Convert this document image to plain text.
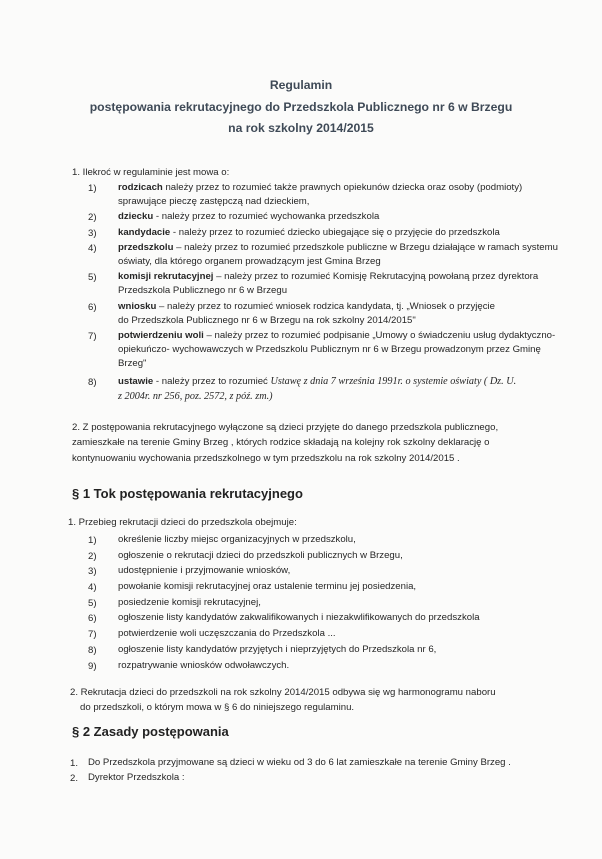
Regulamin
postępowania rekrutacyjnego do Przedszkola Publicznego nr 6 w Brzegu
na rok szkolny 2014/2015
1. Ilekroć w regulaminie jest mowa o:
1) rodzicach należy przez to rozumieć także prawnych opiekunów dziecka oraz osoby (podmioty)
sprawujące pieczę zastępczą nad dzieckiem,
2) dziecku - należy przez to rozumieć wychowanka przedszkola
3) kandydacie - należy przez to rozumieć dziecko ubiegające się o przyjęcie do przedszkola
4) przedszkolu – należy przez to rozumieć przedszkole publiczne w Brzegu działające w ramach systemu
oświaty, dla którego organem prowadzącym jest Gmina Brzeg
5) komisji rekrutacyjnej – należy przez to rozumieć Komisję Rekrutacyjną powołaną przez dyrektora
Przedszkola Publicznego nr 6 w Brzegu
6) wniosku – należy przez to rozumieć wniosek rodzica kandydata, tj. „Wniosek o przyjęcie
do Przedszkola Publicznego nr 6 w Brzegu na rok szkolny 2014/2015"
7) potwierdzeniu woli – należy przez to rozumieć podpisanie „Umowy o świadczeniu usług dydaktyczno-
opiekuńczo- wychowawczych w Przedszkolu Publicznym nr 6 w Brzegu prowadzonym przez Gminę
Brzeg"
8) ustawie - należy przez to rozumieć Ustawę z dnia 7 września 1991r. o systemie oświaty ( Dz. U.
z 2004r. nr 256, poz. 2572, z póź. zm.)
2. Z postępowania rekrutacyjnego wyłączone są dzieci przyjęte do danego przedszkola publicznego,
zamieszkałe na terenie Gminy Brzeg , których rodzice składają na kolejny rok szkolny deklarację o
kontynuowaniu wychowania przedszkolnego w tym przedszkolu na rok szkolny 2014/2015 .
§ 1 Tok postępowania rekrutacyjnego
1. Przebieg rekrutacji dzieci do przedszkola obejmuje:
1) określenie liczby miejsc organizacyjnych w przedszkolu,
2) ogłoszenie o rekrutacji dzieci do przedszkoli publicznych w Brzegu,
3) udostępnienie i przyjmowanie wniosków,
4) powołanie komisji rekrutacyjnej oraz ustalenie terminu jej posiedzenia,
5) posiedzenie komisji rekrutacyjnej,
6) ogłoszenie listy kandydatów zakwalifikowanych i niezakwlifikowanych do przedszkola
7) potwierdzenie woli uczęszczania do Przedszkola ...
8) ogłoszenie listy kandydatów przyjętych i nieprzyjętych do Przedszkola nr 6,
9) rozpatrywanie wniosków odwoławczych.
2. Rekrutacja dzieci do przedszkoli na rok szkolny 2014/2015 odbywa się wg harmonogramu naboru
do przedszkoli, o którym mowa w § 6 do niniejszego regulaminu.
§ 2 Zasady postępowania
1. Do Przedszkola przyjmowane są dzieci w wieku od 3 do 6 lat zamieszkałe na terenie Gminy Brzeg .
2. Dyrektor Przedszkola :
